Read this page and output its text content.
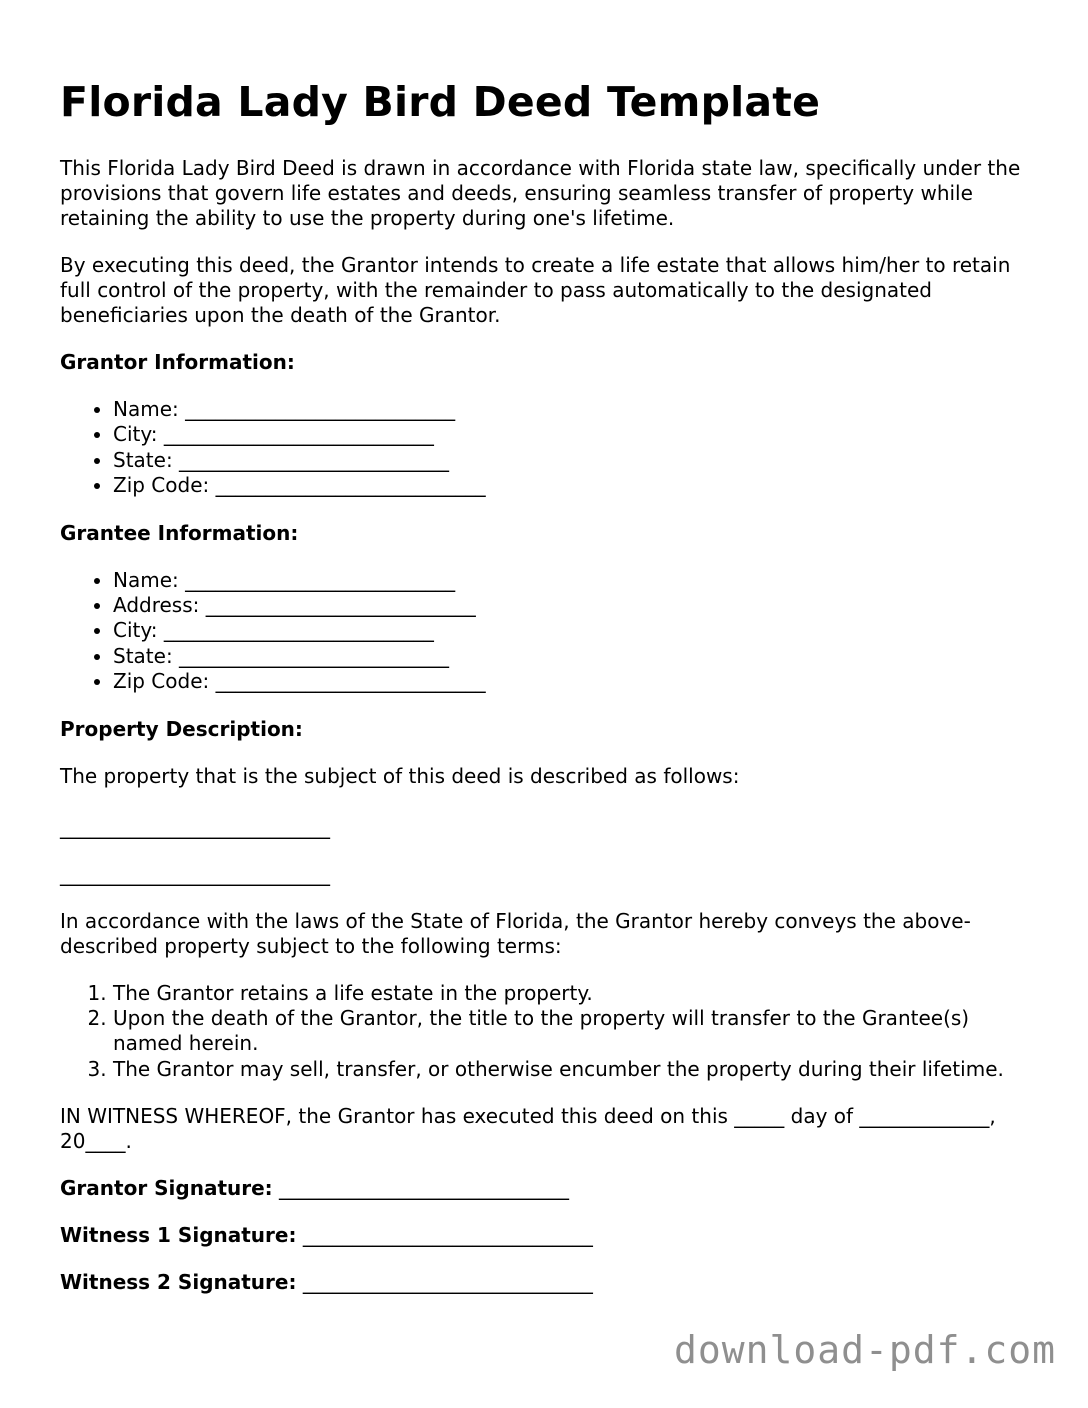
Florida Lady Bird Deed Template

This Florida Lady Bird Deed is drawn in accordance with Florida state law, specifically under the provisions that govern life estates and deeds, ensuring seamless transfer of property while retaining the ability to use the property during one's lifetime.

By executing this deed, the Grantor intends to create a life estate that allows him/her to retain full control of the property, with the remainder to pass automatically to the designated beneficiaries upon the death of the Grantor.

Grantor Information:
• Name: ___________________________
• City: ___________________________
• State: ___________________________
• Zip Code: ___________________________
Grantee Information:
• Name: ___________________________
• Address: ___________________________
• City: ___________________________
• State: ___________________________
• Zip Code: ___________________________
Property Description:

The property that is the subject of this deed is described as follows:

___________________________
___________________________

In accordance with the laws of the State of Florida, the Grantor hereby conveys the above-described property subject to the following terms:

1. The Grantor retains a life estate in the property.
2. Upon the death of the Grantor, the title to the property will transfer to the Grantee(s) named herein.
3. The Grantor may sell, transfer, or otherwise encumber the property during their lifetime.

IN WITNESS WHEREOF, the Grantor has executed this deed on this _____ day of _____________, 20____.

Grantor Signature: _____________________________
Witness 1 Signature: _____________________________
Witness 2 Signature: _____________________________
download-pdf.com
